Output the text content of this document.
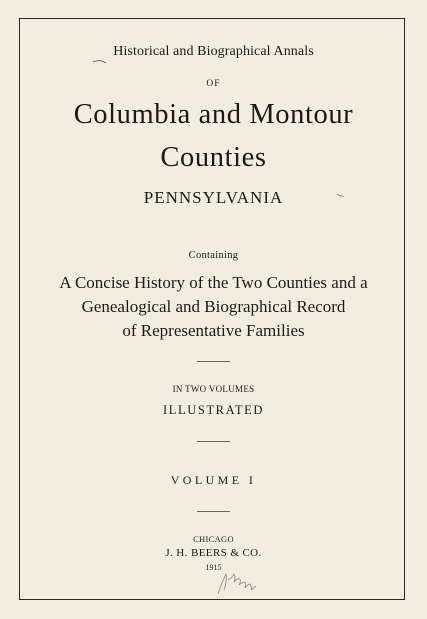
Historical and Biographical Annals
OF
Columbia and Montour
Counties
PENNSYLVANIA
Containing
A Concise History of the Two Counties and a
Genealogical and Biographical Record
of Representative Families
IN TWO VOLUMES
ILLUSTRATED
VOLUME I
CHICAGO
J. H. BEERS & CO.
1915
